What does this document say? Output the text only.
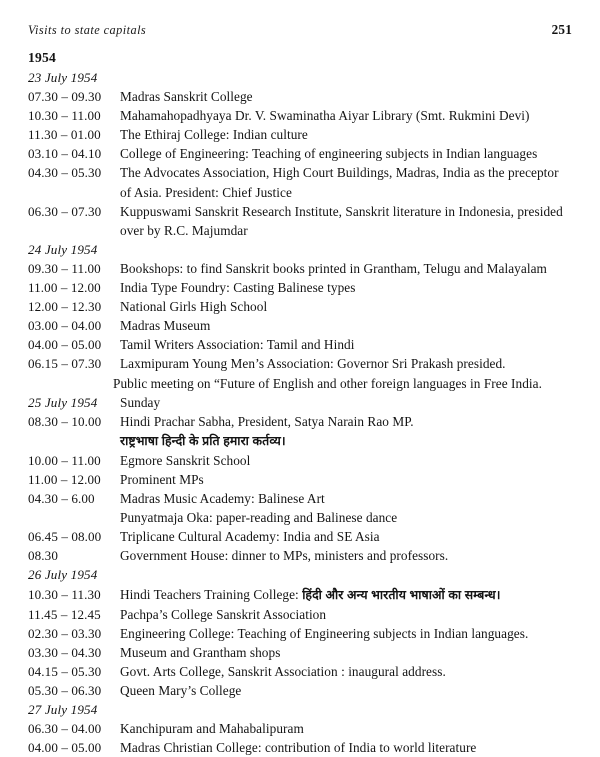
Visits to state capitals	251
1954
23 July 1954

07.30 – 09.30	Madras Sanskrit College
10.30 – 11.00	Mahamahopadhyaya Dr. V. Swaminatha Aiyar Library (Smt. Rukmini Devi)
11.30 – 01.00	The Ethiraj College: Indian culture
03.10 – 04.10	College of Engineering: Teaching of engineering subjects in Indian languages
04.30 – 05.30	The Advocates Association, High Court Buildings, Madras, India as the preceptor
of Asia. President: Chief Justice
06.30 – 07.30	Kuppuswami Sanskrit Research Institute, Sanskrit literature in Indonesia, presided
over by R.C. Majumdar
24 July 1954

09.30 – 11.00	Bookshops: to find Sanskrit books printed in Grantham, Telugu and Malayalam
11.00 – 12.00	India Type Foundry: Casting Balinese types
12.00 – 12.30	National Girls High School
03.00 – 04.00	Madras Museum
04.00 – 05.00	Tamil Writers Association: Tamil and Hindi
06.15 – 07.30	Laxmipuram Young Men’s Association: Governor Sri Prakash presided.
Public meeting on “Future of English and other foreign languages in Free India.
25 July 1954	Sunday
08.30 – 10.00	Hindi Prachar Sabha, President, Satya Narain Rao MP.
राष्ट्रभाषा हिन्दी के प्रति हमारा कर्तव्य।
10.00 – 11.00	Egmore Sanskrit School
11.00 – 12.00	Prominent MPs
04.30 – 6.00	Madras Music Academy: Balinese Art
Punyatmaja Oka: paper-reading and Balinese dance
06.45 – 08.00	Triplicane Cultural Academy: India and SE Asia
08.30	Government House: dinner to MPs, ministers and professors.
26 July 1954

10.30 – 11.30	Hindi Teachers Training College: हिंदी और अन्य भारतीय भाषाओं का सम्बन्ध।
11.45 – 12.45	Pachpa’s College Sanskrit Association
02.30 – 03.30	Engineering College: Teaching of Engineering subjects in Indian languages.
03.30 – 04.30	Museum and Grantham shops
04.15 – 05.30	Govt. Arts College, Sanskrit Association : inaugural address.
05.30 – 06.30	Queen Mary’s College
27 July 1954

06.30 – 04.00	Kanchipuram and Mahabalipuram
04.00 – 05.00	Madras Christian College: contribution of India to world literature
